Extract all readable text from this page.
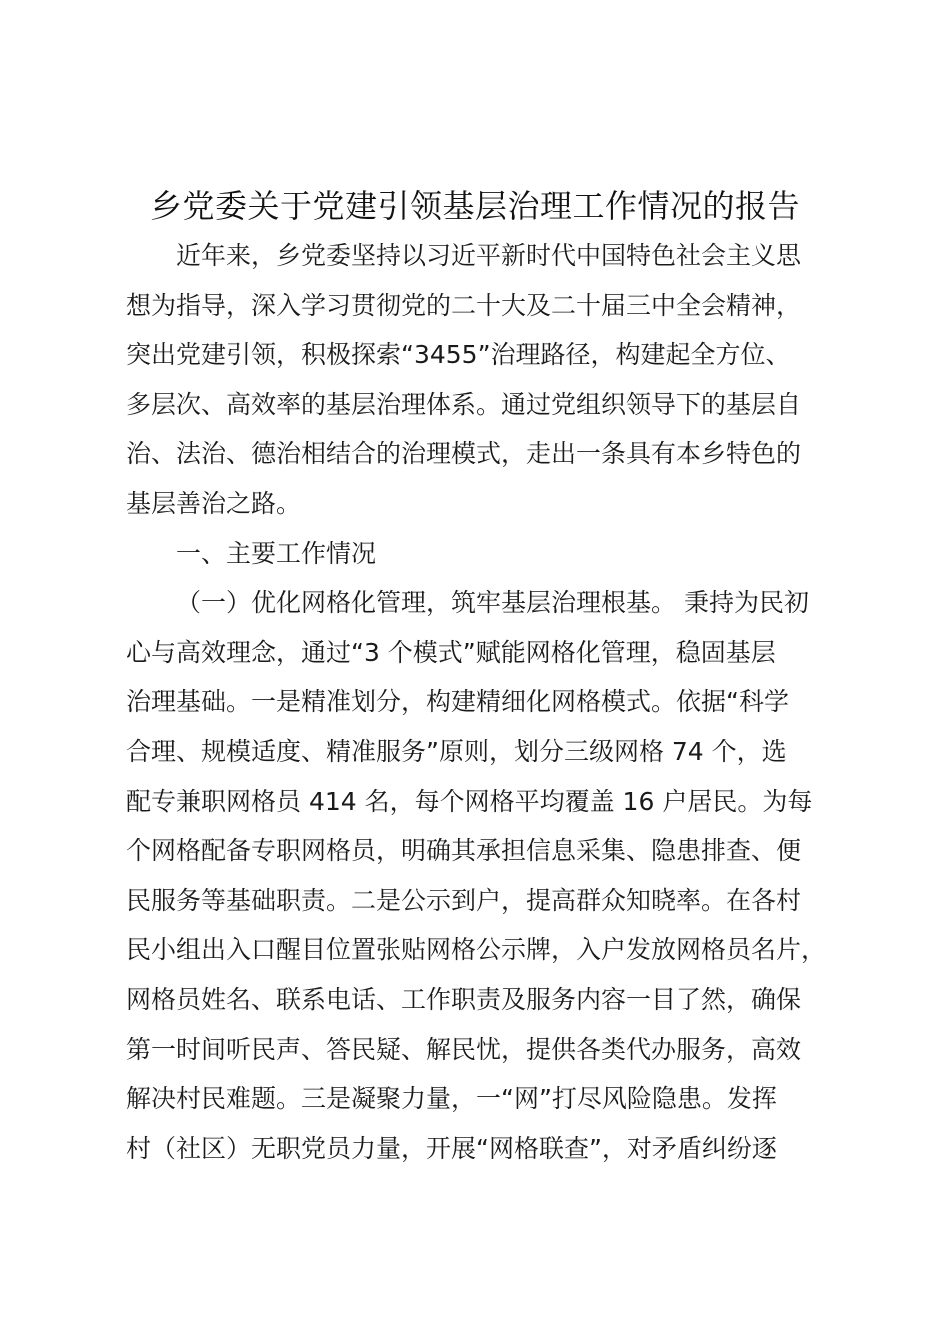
乡党委关于党建引领基层治理工作情况的报告
近年来，乡党委坚持以习近平新时代中国特色社会主义思
想为指导，深入学习贯彻党的二十大及二十届三中全会精神，
突出党建引领，积极探索“3455”治理路径，构建起全方位、
多层次、高效率的基层治理体系。通过党组织领导下的基层自
治、法治、德治相结合的治理模式，走出一条具有本乡特色的
基层善治之路。
一、主要工作情况
（一）优化网格化管理，筑牢基层治理根基。 秉持为民初
心与高效理念，通过“3 个模式”赋能网格化管理，稳固基层
治理基础。一是精准划分，构建精细化网格模式。依据“科学
合理、规模适度、精准服务”原则，划分三级网格 74 个，选
配专兼职网格员 414 名，每个网格平均覆盖 16 户居民。为每
个网格配备专职网格员，明确其承担信息采集、隐患排查、便
民服务等基础职责。二是公示到户，提高群众知晓率。在各村
民小组出入口醒目位置张贴网格公示牌，入户发放网格员名片，
网格员姓名、联系电话、工作职责及服务内容一目了然，确保
第一时间听民声、答民疑、解民忧，提供各类代办服务，高效
解决村民难题。三是凝聚力量，一“网”打尽风险隐患。发挥
村（社区）无职党员力量，开展“网格联查”，对矛盾纠纷逐
